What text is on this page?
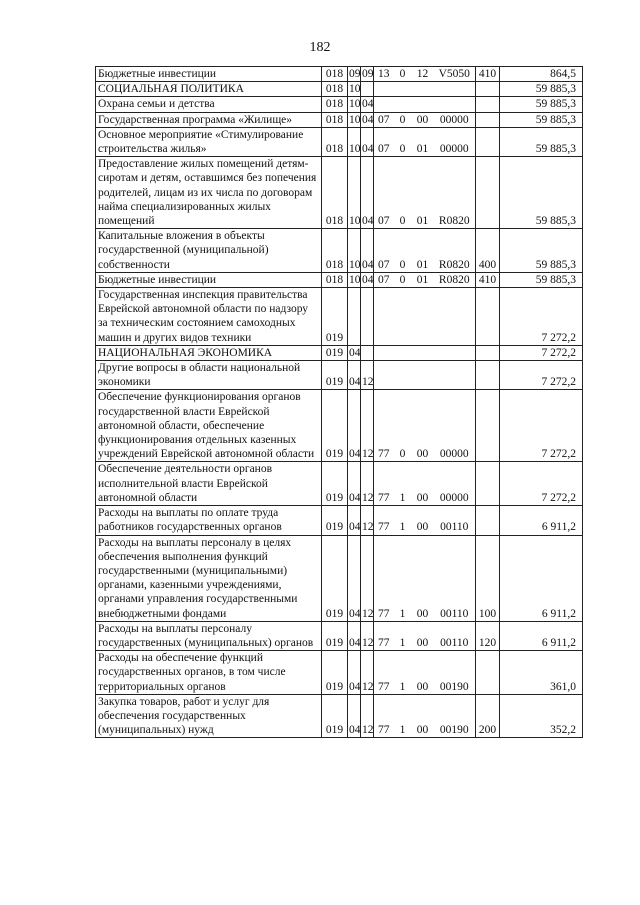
182
Бюджетные инвестиции	018	09	09	13	0	12	V5050	410	864,5
СОЦИАЛЬНАЯ ПОЛИТИКА	018	10							59 885,3
Охрана семьи и детства	018	10	04						59 885,3
Государственная программа «Жилище»	018	10	04	07	0	00	00000		59 885,3
Основное мероприятие «Стимулирование строительства жилья»	018	10	04	07	0	01	00000		59 885,3
Предоставление жилых помещений детям-сиротам и детям, оставшимся без попечения родителей, лицам из их числа по договорам найма специализированных жилых помещений	018	10	04	07	0	01	R0820		59 885,3
Капитальные вложения в объекты государственной (муниципальной) собственности	018	10	04	07	0	01	R0820	400	59 885,3
Бюджетные инвестиции	018	10	04	07	0	01	R0820	410	59 885,3
Государственная инспекция правительства Еврейской автономной области по надзору за техническим состоянием самоходных машин и других видов техники	019								7 272,2
НАЦИОНАЛЬНАЯ ЭКОНОМИКА	019	04							7 272,2
Другие вопросы в области национальной экономики	019	04	12						7 272,2
Обеспечение функционирования органов государственной власти Еврейской автономной области, обеспечение функционирования отдельных казенных учреждений Еврейской автономной области	019	04	12	77	0	00	00000		7 272,2
Обеспечение деятельности органов исполнительной власти Еврейской автономной области	019	04	12	77	1	00	00000		7 272,2
Расходы на выплаты по оплате труда работников государственных органов	019	04	12	77	1	00	00110		6 911,2
Расходы на выплаты персоналу в целях обеспечения выполнения функций государственными (муниципальными) органами, казенными учреждениями, органами управления государственными внебюджетными фондами	019	04	12	77	1	00	00110	100	6 911,2
Расходы на выплаты персоналу государственных (муниципальных) органов	019	04	12	77	1	00	00110	120	6 911,2
Расходы на обеспечение функций государственных органов, в том числе территориальных органов	019	04	12	77	1	00	00190		361,0
Закупка товаров, работ и услуг для обеспечения государственных (муниципальных) нужд	019	04	12	77	1	00	00190	200	352,2
